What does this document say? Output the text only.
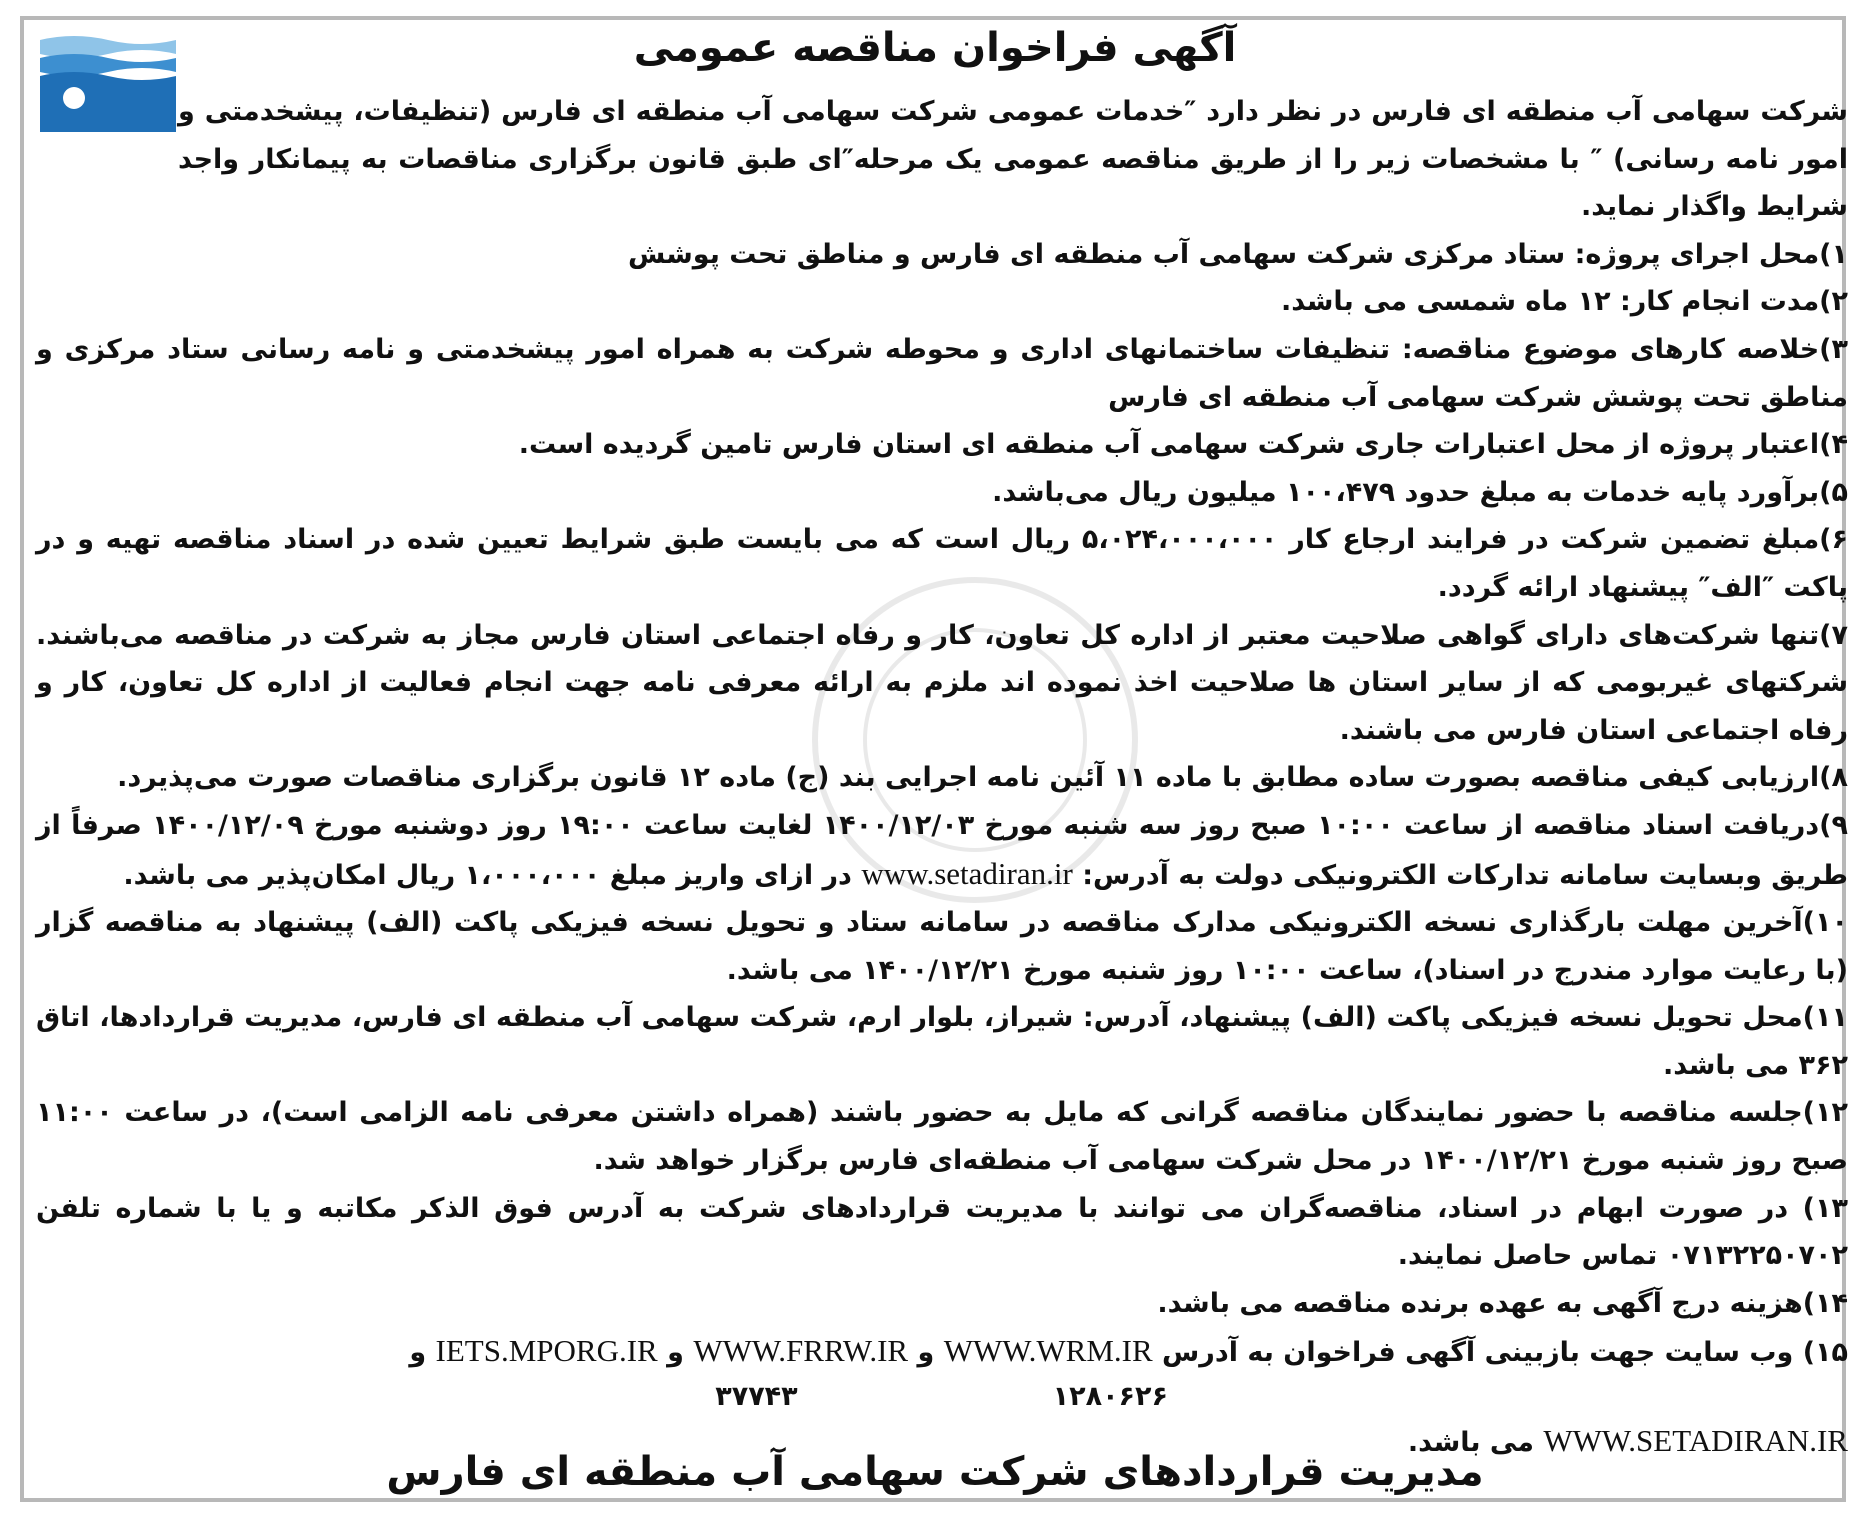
آگهی فراخوان مناقصه عمومی

شرکت سهامی آب منطقه ای فارس در نظر دارد ″خدمات عمومی شرکت سهامی آب منطقه ای فارس (تنظیفات، پیشخدمتی و امور نامه رسانی) ″ با مشخصات زیر را از طریق مناقصه عمومی یک مرحله″ای طبق قانون برگزاری مناقصات به پیمانکار واجد شرایط واگذار نماید.

۱)محل اجرای پروژه: ستاد مرکزی شرکت سهامی آب منطقه ای فارس و مناطق تحت پوشش

۲)مدت انجام کار: ۱۲ ماه شمسی می باشد.

۳)خلاصه کارهای موضوع مناقصه: تنظیفات ساختمانهای اداری و محوطه شرکت به همراه امور پیشخدمتی و نامه رسانی ستاد مرکزی و مناطق تحت پوشش شرکت سهامی آب منطقه ای فارس

۴)اعتبار پروژه از محل اعتبارات جاری شرکت سهامی آب منطقه ای استان فارس تامین گردیده است.

۵)برآورد پایه خدمات به مبلغ حدود ۱۰۰،۴۷۹ میلیون ریال می‌باشد.

۶)مبلغ تضمین شرکت در فرایند ارجاع کار ۵،۰۲۴،۰۰۰،۰۰۰ ریال است که می بایست طبق شرایط تعیین شده در اسناد مناقصه تهیه و در پاکت ″الف″ پیشنهاد ارائه گردد.

۷)تنها شرکت‌های دارای گواهی صلاحیت معتبر از اداره کل تعاون، کار و رفاه اجتماعی استان فارس مجاز به شرکت در مناقصه می‌باشند. شرکتهای غیربومی که از سایر استان ها صلاحیت اخذ نموده اند ملزم به ارائه معرفی نامه جهت انجام فعالیت از اداره کل تعاون، کار و رفاه اجتماعی استان فارس می باشند.

۸)ارزیابی کیفی مناقصه بصورت ساده مطابق با ماده ۱۱ آئین نامه اجرایی بند (ج) ماده ۱۲ قانون برگزاری مناقصات صورت می‌پذیرد.

۹)دریافت اسناد مناقصه از ساعت ۱۰:۰۰ صبح روز سه شنبه مورخ ۱۴۰۰/۱۲/۰۳ لغایت ساعت ۱۹:۰۰ روز دوشنبه مورخ ۱۴۰۰/۱۲/۰۹ صرفاً از طریق وبسایت سامانه تدارکات الکترونیکی دولت به آدرس: www.setadiran.ir در ازای واریز مبلغ ۱،۰۰۰،۰۰۰ ریال امکان‌پذیر می باشد.

۱۰)آخرین مهلت بارگذاری نسخه الکترونیکی مدارک مناقصه در سامانه ستاد و تحویل نسخه فیزیکی پاکت (الف) پیشنهاد به مناقصه گزار (با رعایت موارد مندرج در اسناد)، ساعت ۱۰:۰۰ روز شنبه مورخ ۱۴۰۰/۱۲/۲۱ می باشد.

۱۱)محل تحویل نسخه فیزیکی پاکت (الف) پیشنهاد، آدرس: شیراز، بلوار ارم، شرکت سهامی آب منطقه ای فارس، مدیریت قراردادها، اتاق ۳۶۲ می باشد.

۱۲)جلسه مناقصه با حضور نمایندگان مناقصه گرانی که مایل به حضور باشند (همراه داشتن معرفی نامه الزامی است)، در ساعت ۱۱:۰۰ صبح روز شنبه مورخ ۱۴۰۰/۱۲/۲۱ در محل شرکت سهامی آب منطقه‌ای فارس برگزار خواهد شد.

۱۳) در صورت ابهام در اسناد، مناقصه‌گران می توانند با مدیریت قراردادهای شرکت به آدرس فوق الذکر مکاتبه و یا با شماره تلفن ۰۷۱۳۲۲۵۰۷۰۲ تماس حاصل نمایند.

۱۴)هزینه درج آگهی به عهده برنده مناقصه می باشد.

۱۵) وب سایت جهت بازبینی آگهی فراخوان به آدرس WWW.WRM.IR و WWW.FRRW.IR و IETS.MPORG.IR و

۱۲۸۰۶۲۶
۳۷۷۴۳

WWW.SETADIRAN.IR می باشد.

مدیریت قراردادهای شرکت سهامی آب منطقه ای فارس
